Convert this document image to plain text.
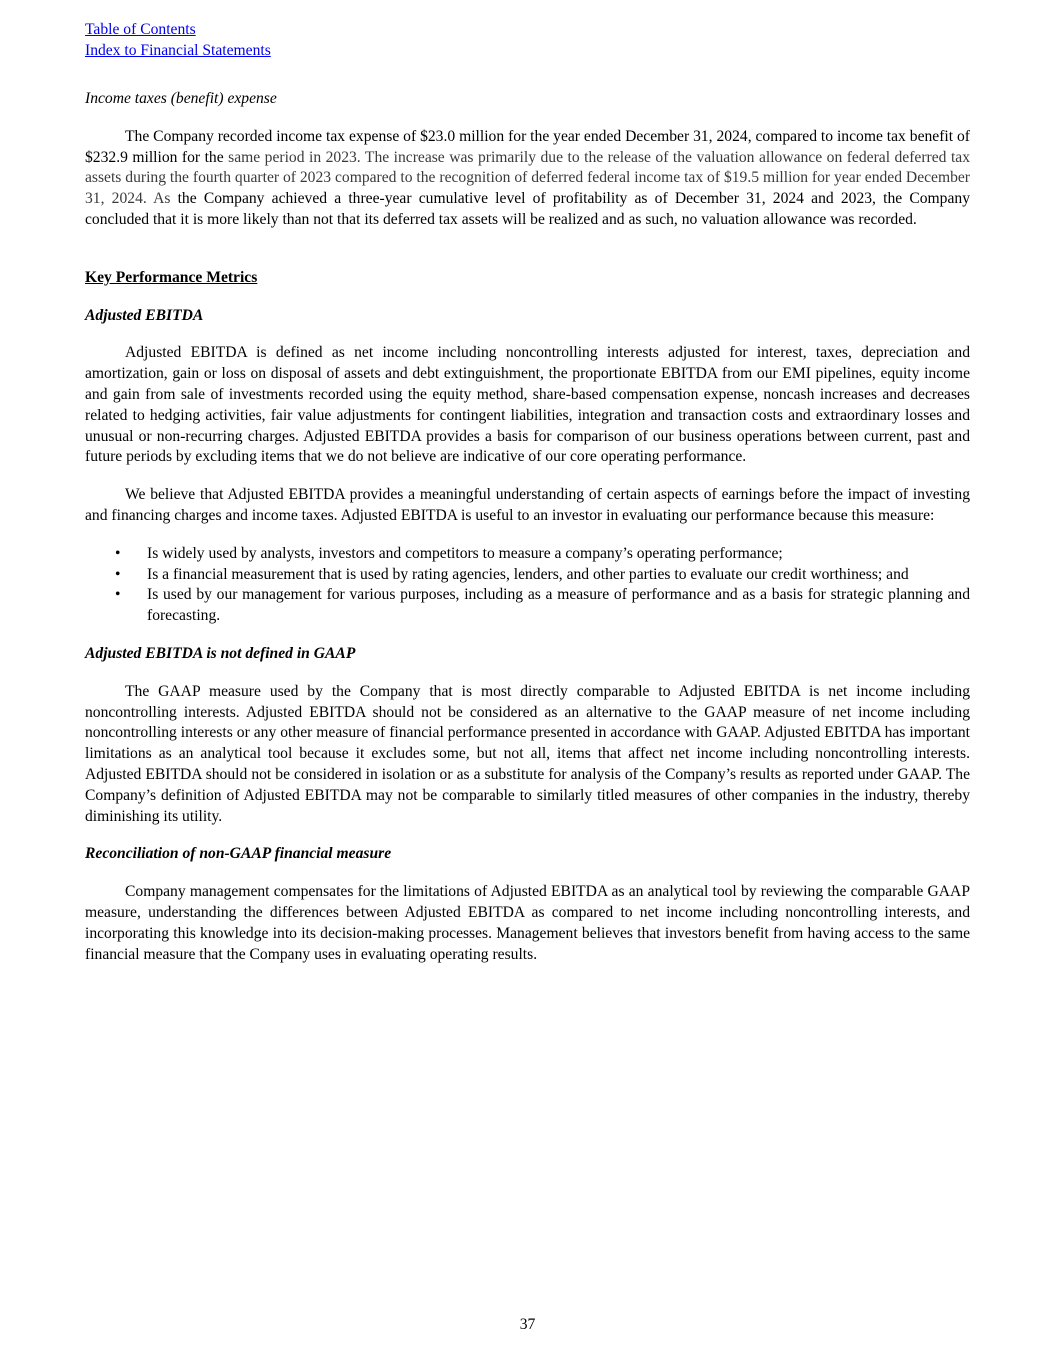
Table of Contents
Index to Financial Statements

Income taxes (benefit) expense

The Company recorded income tax expense of $23.0 million for the year ended December 31, 2024, compared to income tax benefit of $232.9 million for the same period in 2023. The increase was primarily due to the release of the valuation allowance on federal deferred tax assets during the fourth quarter of 2023 compared to the recognition of deferred federal income tax of $19.5 million for year ended December 31, 2024. As the Company achieved a three-year cumulative level of profitability as of December 31, 2024 and 2023, the Company concluded that it is more likely than not that its deferred tax assets will be realized and as such, no valuation allowance was recorded.

Key Performance Metrics

Adjusted EBITDA

Adjusted EBITDA is defined as net income including noncontrolling interests adjusted for interest, taxes, depreciation and amortization, gain or loss on disposal of assets and debt extinguishment, the proportionate EBITDA from our EMI pipelines, equity income and gain from sale of investments recorded using the equity method, share-based compensation expense, noncash increases and decreases related to hedging activities, fair value adjustments for contingent liabilities, integration and transaction costs and extraordinary losses and unusual or non-recurring charges. Adjusted EBITDA provides a basis for comparison of our business operations between current, past and future periods by excluding items that we do not believe are indicative of our core operating performance.

We believe that Adjusted EBITDA provides a meaningful understanding of certain aspects of earnings before the impact of investing and financing charges and income taxes. Adjusted EBITDA is useful to an investor in evaluating our performance because this measure:

• Is widely used by analysts, investors and competitors to measure a company’s operating performance;
• Is a financial measurement that is used by rating agencies, lenders, and other parties to evaluate our credit worthiness; and
• Is used by our management for various purposes, including as a measure of performance and as a basis for strategic planning and forecasting.

Adjusted EBITDA is not defined in GAAP

The GAAP measure used by the Company that is most directly comparable to Adjusted EBITDA is net income including noncontrolling interests. Adjusted EBITDA should not be considered as an alternative to the GAAP measure of net income including noncontrolling interests or any other measure of financial performance presented in accordance with GAAP. Adjusted EBITDA has important limitations as an analytical tool because it excludes some, but not all, items that affect net income including noncontrolling interests. Adjusted EBITDA should not be considered in isolation or as a substitute for analysis of the Company’s results as reported under GAAP. The Company’s definition of Adjusted EBITDA may not be comparable to similarly titled measures of other companies in the industry, thereby diminishing its utility.

Reconciliation of non-GAAP financial measure

Company management compensates for the limitations of Adjusted EBITDA as an analytical tool by reviewing the comparable GAAP measure, understanding the differences between Adjusted EBITDA as compared to net income including noncontrolling interests, and incorporating this knowledge into its decision-making processes. Management believes that investors benefit from having access to the same financial measure that the Company uses in evaluating operating results.

37
